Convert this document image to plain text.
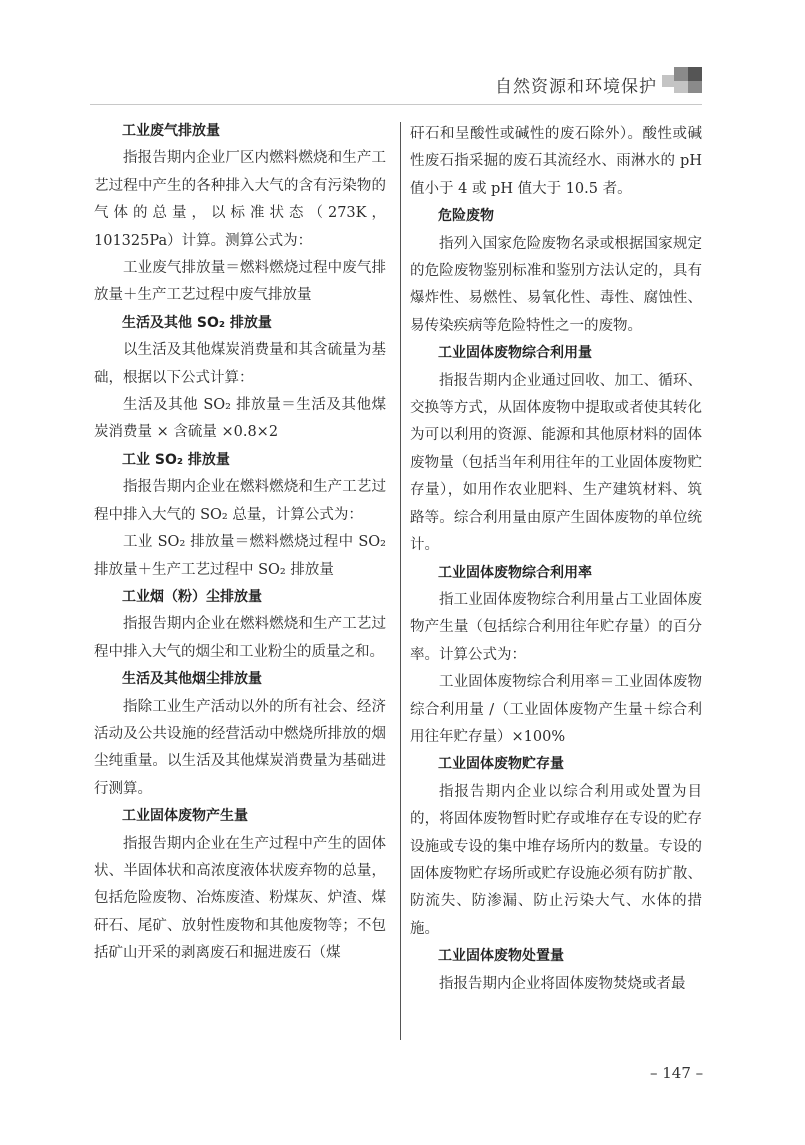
自然资源和环境保护

工业废气排放量

指报告期内企业厂区内燃料燃烧和生产工艺过程中产生的各种排入大气的含有污染物的气体的总量，以标准状态（273K，101325Pa）计算。测算公式为：

工业废气排放量＝燃料燃烧过程中废气排放量＋生产工艺过程中废气排放量

生活及其他 SO₂ 排放量

以生活及其他煤炭消费量和其含硫量为基础，根据以下公式计算：

生活及其他 SO₂ 排放量＝生活及其他煤炭消费量 × 含硫量 ×0.8×2

工业 SO₂ 排放量

指报告期内企业在燃料燃烧和生产工艺过程中排入大气的 SO₂ 总量，计算公式为：

工业 SO₂ 排放量＝燃料燃烧过程中 SO₂ 排放量＋生产工艺过程中 SO₂ 排放量

工业烟（粉）尘排放量

指报告期内企业在燃料燃烧和生产工艺过程中排入大气的烟尘和工业粉尘的质量之和。

生活及其他烟尘排放量

指除工业生产活动以外的所有社会、经济活动及公共设施的经营活动中燃烧所排放的烟尘纯重量。以生活及其他煤炭消费量为基础进行测算。

工业固体废物产生量

指报告期内企业在生产过程中产生的固体状、半固体状和高浓度液体状废弃物的总量，包括危险废物、冶炼废渣、粉煤灰、炉渣、煤矸石、尾矿、放射性废物和其他废物等；不包括矿山开采的剥离废石和掘进废石（煤

矸石和呈酸性或碱性的废石除外）。酸性或碱性废石指采掘的废石其流经水、雨淋水的 pH 值小于 4 或 pH 值大于 10.5 者。

危险废物

指列入国家危险废物名录或根据国家规定的危险废物鉴别标准和鉴别方法认定的，具有爆炸性、易燃性、易氧化性、毒性、腐蚀性、易传染疾病等危险特性之一的废物。

工业固体废物综合利用量

指报告期内企业通过回收、加工、循环、交换等方式，从固体废物中提取或者使其转化为可以利用的资源、能源和其他原材料的固体废物量（包括当年利用往年的工业固体废物贮存量），如用作农业肥料、生产建筑材料、筑路等。综合利用量由原产生固体废物的单位统计。

工业固体废物综合利用率

指工业固体废物综合利用量占工业固体废物产生量（包括综合利用往年贮存量）的百分率。计算公式为：

工业固体废物综合利用率＝工业固体废物综合利用量 /（工业固体废物产生量＋综合利用往年贮存量）×100%

工业固体废物贮存量

指报告期内企业以综合利用或处置为目的，将固体废物暂时贮存或堆存在专设的贮存设施或专设的集中堆存场所内的数量。专设的固体废物贮存场所或贮存设施必须有防扩散、防流失、防渗漏、防止污染大气、水体的措施。

工业固体废物处置量

指报告期内企业将固体废物焚烧或者最

– 147 –
